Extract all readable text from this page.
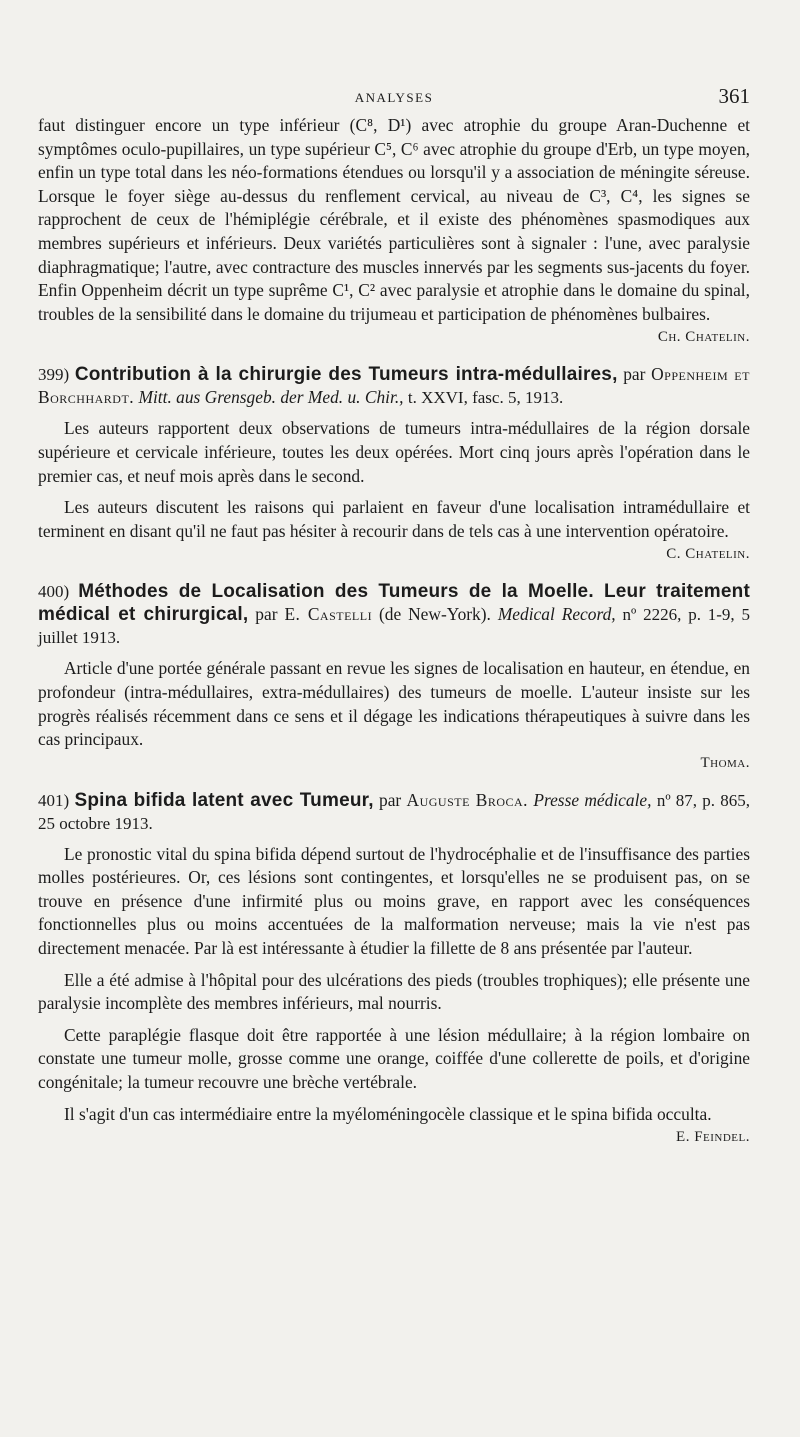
ANALYSES	361

faut distinguer encore un type inférieur (C⁸, D¹) avec atrophie du groupe Aran-Duchenne et symptômes oculo-pupillaires, un type supérieur C⁵, C⁶ avec atrophie du groupe d'Erb, un type moyen, enfin un type total dans les néo-formations étendues ou lorsqu'il y a association de méningite séreuse. Lorsque le foyer siège au-dessus du renflement cervical, au niveau de C³, C⁴, les signes se rapprochent de ceux de l'hémiplégie cérébrale, et il existe des phénomènes spasmodiques aux membres supérieurs et inférieurs. Deux variétés particulières sont à signaler : l'une, avec paralysie diaphragmatique; l'autre, avec contracture des muscles innervés par les segments sus-jacents du foyer. Enfin Oppenheim décrit un type suprême C¹, C² avec paralysie et atrophie dans le domaine du spinal, troubles de la sensibilité dans le domaine du trijumeau et participation de phénomènes bulbaires.

Ch. Chatelin.

399) Contribution à la chirurgie des Tumeurs intra-médullaires, par Oppenheim et Borchhardt. Mitt. aus Grensgeb. der Med. u. Chir., t. XXVI, fasc. 5, 1913.

Les auteurs rapportent deux observations de tumeurs intra-médullaires de la région dorsale supérieure et cervicale inférieure, toutes les deux opérées. Mort cinq jours après l'opération dans le premier cas, et neuf mois après dans le second.

Les auteurs discutent les raisons qui parlaient en faveur d'une localisation intramédullaire et terminent en disant qu'il ne faut pas hésiter à recourir dans de tels cas à une intervention opératoire.

C. Chatelin.

400) Méthodes de Localisation des Tumeurs de la Moelle. Leur traitement médical et chirurgical, par E. Castelli (de New-York). Medical Record, nº 2226, p. 1-9, 5 juillet 1913.

Article d'une portée générale passant en revue les signes de localisation en hauteur, en étendue, en profondeur (intra-médullaires, extra-médullaires) des tumeurs de moelle. L'auteur insiste sur les progrès réalisés récemment dans ce sens et il dégage les indications thérapeutiques à suivre dans les cas principaux.

Thoma.

401) Spina bifida latent avec Tumeur, par Auguste Broca. Presse médicale, nº 87, p. 865, 25 octobre 1913.

Le pronostic vital du spina bifida dépend surtout de l'hydrocéphalie et de l'insuffisance des parties molles postérieures. Or, ces lésions sont contingentes, et lorsqu'elles ne se produisent pas, on se trouve en présence d'une infirmité plus ou moins grave, en rapport avec les conséquences fonctionnelles plus ou moins accentuées de la malformation nerveuse; mais la vie n'est pas directement menacée. Par là est intéressante à étudier la fillette de 8 ans présentée par l'auteur.

Elle a été admise à l'hôpital pour des ulcérations des pieds (troubles trophiques); elle présente une paralysie incomplète des membres inférieurs, mal nourris.

Cette paraplégie flasque doit être rapportée à une lésion médullaire; à la région lombaire on constate une tumeur molle, grosse comme une orange, coiffée d'une collerette de poils, et d'origine congénitale; la tumeur recouvre une brèche vertébrale.

Il s'agit d'un cas intermédiaire entre la myéloméningocèle classique et le spina bifida occulta.

E. Feindel.
